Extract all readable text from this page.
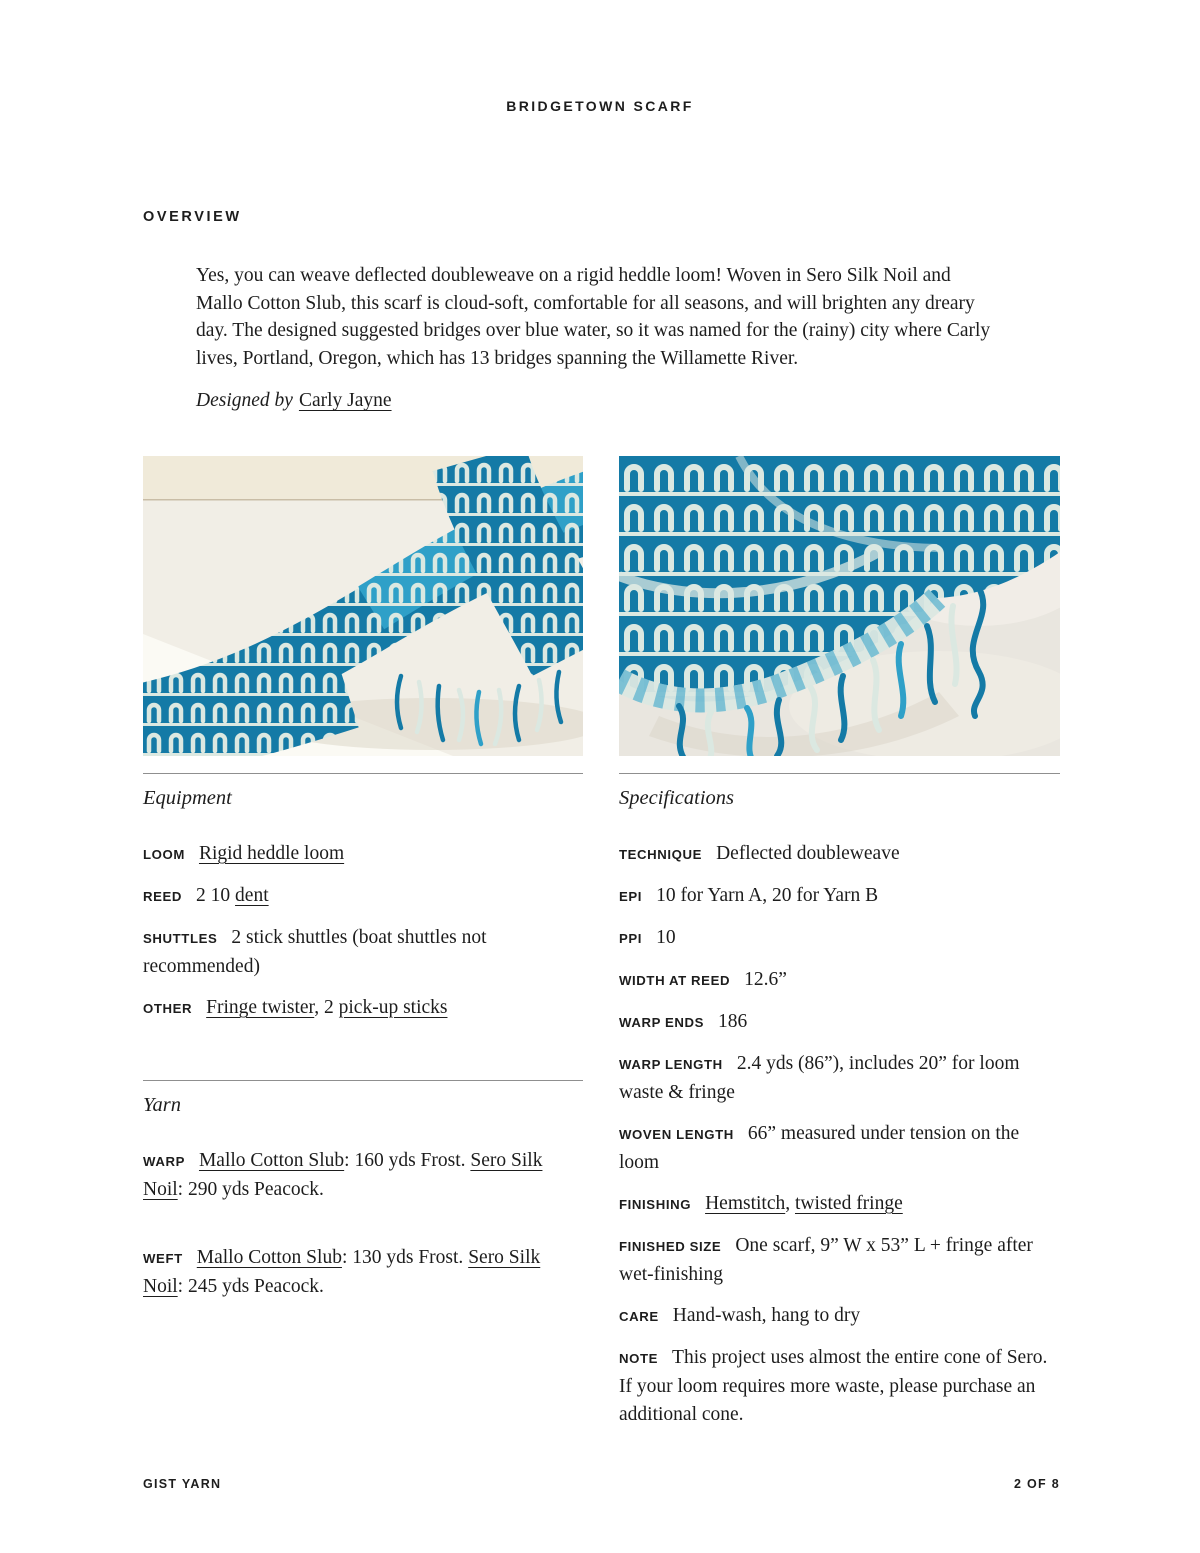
BRIDGETOWN SCARF
OVERVIEW

Yes, you can weave deflected doubleweave on a rigid heddle loom! Woven in Sero Silk Noil and Mallo Cotton Slub, this scarf is cloud-soft, comfortable for all seasons, and will brighten any dreary day. The designed suggested bridges over blue water, so it was named for the (rainy) city where Carly lives, Portland, Oregon, which has 13 bridges spanning the Willamette River.

Designed by Carly Jayne

Equipment

LOOM Rigid heddle loom

REED 2 10 dent

SHUTTLES 2 stick shuttles (boat shuttles not recommended)

OTHER Fringe twister, 2 pick-up sticks

Yarn

WARP Mallo Cotton Slub: 160 yds Frost. Sero Silk Noil: 290 yds Peacock.

WEFT Mallo Cotton Slub: 130 yds Frost. Sero Silk Noil: 245 yds Peacock.

Specifications

TECHNIQUE Deflected doubleweave

EPI 10 for Yarn A, 20 for Yarn B

PPI 10

WIDTH AT REED 12.6”

WARP ENDS 186

WARP LENGTH 2.4 yds (86”), includes 20” for loom waste & fringe

WOVEN LENGTH 66” measured under tension on the loom

FINISHING Hemstitch, twisted fringe

FINISHED SIZE One scarf, 9” W x 53” L + fringe after wet-finishing

CARE Hand-wash, hang to dry

NOTE This project uses almost the entire cone of Sero. If your loom requires more waste, please purchase an additional cone.

GIST YARN	2 OF 8
